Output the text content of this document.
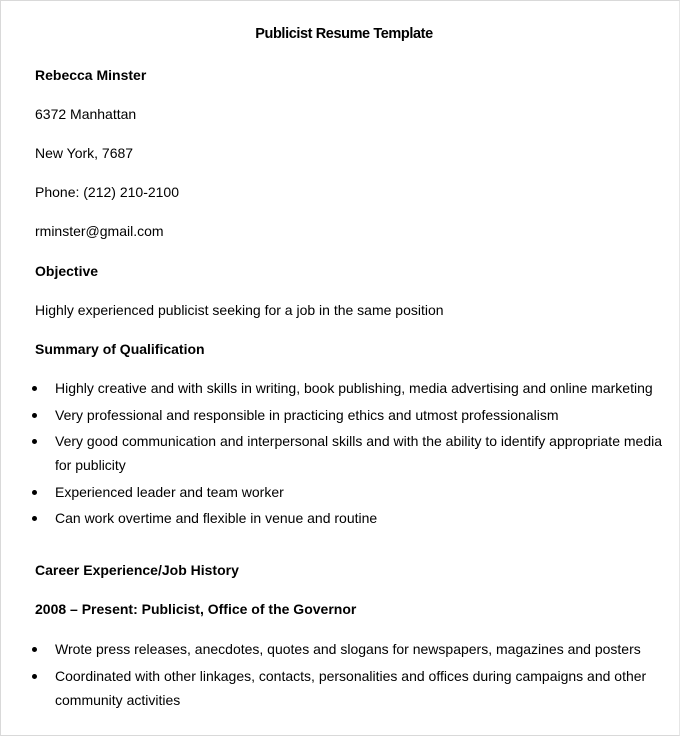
Publicist Resume Template
Rebecca Minster
6372 Manhattan
New York, 7687
Phone: (212) 210-2100
rminster@gmail.com
Objective
Highly experienced publicist seeking for a job in the same position
Summary of Qualification
Highly creative and with skills in writing, book publishing, media advertising and online marketing
Very professional and responsible in practicing ethics and utmost professionalism
Very good communication and interpersonal skills and with the ability to identify appropriate media for publicity
Experienced leader and team worker
Can work overtime and flexible in venue and routine
Career Experience/Job History
2008 – Present: Publicist, Office of the Governor
Wrote press releases, anecdotes, quotes and slogans for newspapers, magazines and posters
Coordinated with other linkages, contacts, personalities and offices during campaigns and other community activities
